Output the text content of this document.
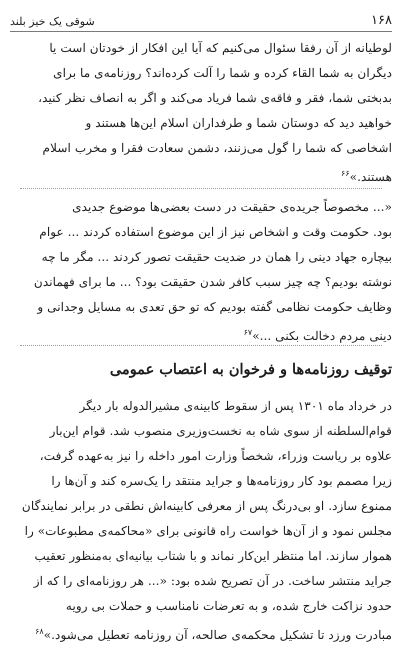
شوقی یک خیز بلند	۱۶۸
لوطیانه از آن رفقا سئوال می‌کنیم که آیا این افکار از خودتان است یا
دیگران به شما القاء کرده و شما را آلت کرده‌اند؟ روزنامه‌ی ما برای
بدبختی شما، فقر و فاقه‌ی شما فریاد می‌کند و اگر به انصاف نظر کنید،
خواهید دید که دوستان شما و طرفداران اسلام این‌ها هستند و
اشخاصی که شما را گول می‌زنند، دشمن سعادت فقرا و مخرب اسلام
هستند.»$^{۶۶}$
«... مخصوصاً جریده‌ی حقیقت در دست بعضی‌ها موضوع جدیدی
بود. حکومت وقت و اشخاص نیز از این موضوع استفاده کردند ... عوام
بیچاره جهاد دینی را همان در ضدیت حقیقت تصور کردند ... مگر ما چه
نوشته بودیم؟ چه چیز سبب کافر شدن حقیقت بود؟ ... ما برای فهماندن
وظایف حکومت نظامی گفته بودیم که تو حق تعدی به مسایل وجدانی و
دینی مردم دخالت بکنی ...»$^{۶۷}$
توقیف روزنامه‌ها و فرخوان به اعتصاب عمومی
در خرداد ماه ۱۳۰۱ پس از سقوط کابینه‌ی مشیرالدوله بار دیگر
قوام‌السلطنه از سوی شاه به نخست‌وزیری منصوب شد. قوام این‌بار
علاوه بر ریاست وزراء، شخصاً وزارت امور داخله را نیز به‌عهده گرفت،
زیرا مصمم بود کار روزنامه‌ها و جراید منتقد را یک‌سره کند و آن‌ها را
ممنوع سازد. او بی‌درنگ پس از معرفی کابینه‌اش نطقی در برابر نمایندگان
مجلس نمود و از آن‌ها خواست راه قانونی برای «محاکمه‌ی مطبوعات» را
هموار سازند. اما منتظر این‌کار نماند و با شتاب بیانیه‌ای به‌منظور تعقیب
جراید منتشر ساخت. در آن تصریح شده بود: «... هر روزنامه‌ای را که از
حدود نزاکت خارج شده، و به تعرضات نامناسب و حملات بی رویه
مبادرت ورزد تا تشکیل محکمه‌ی صالحه، آن روزنامه تعطیل می‌شود.»$^{۶۸}$
